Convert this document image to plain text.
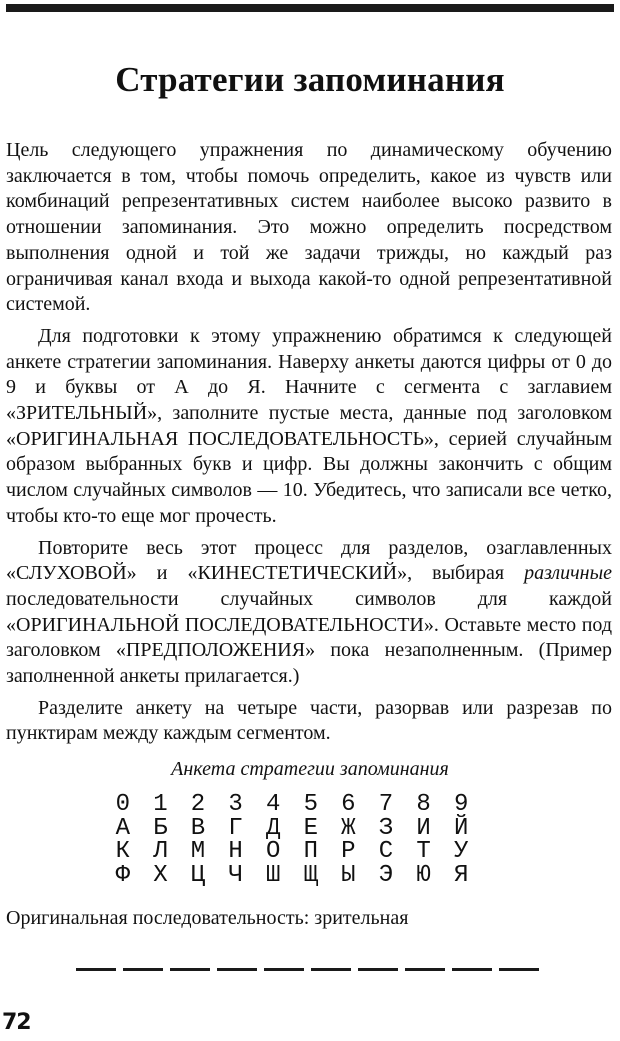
Стратегии запоминания

Цель следующего упражнения по динамическому обучению заключается в том, чтобы помочь определить, какое из чувств или комбинаций репрезентативных систем наиболее высоко развито в отношении запоминания. Это можно определить посредством выполнения одной и той же задачи трижды, но каждый раз ограничивая канал входа и выхода какой-то одной репрезентативной системой.

Для подготовки к этому упражнению обратимся к следующей анкете стратегии запоминания. Наверху анкеты даются цифры от 0 до 9 и буквы от А до Я. Начните с сегмента с заглавием «ЗРИТЕЛЬНЫЙ», заполните пустые места, данные под заголовком «ОРИГИНАЛЬНАЯ ПОСЛЕДОВАТЕЛЬНОСТЬ», серией случайным образом выбранных букв и цифр. Вы должны закончить с общим числом случайных символов — 10. Убедитесь, что записали все четко, чтобы кто-то еще мог прочесть.

Повторите весь этот процесс для разделов, озаглавленных «СЛУХОВОЙ» и «КИНЕСТЕТИЧЕСКИЙ», выбирая различные последовательности случайных символов для каждой «ОРИГИНАЛЬНОЙ ПОСЛЕДОВАТЕЛЬНОСТИ». Оставьте место под заголовком «ПРЕДПОЛОЖЕНИЯ» пока незаполненным. (Пример заполненной анкеты прилагается.)

Разделите анкету на четыре части, разорвав или разрезав по пунктирам между каждым сегментом.

Анкета стратегии запоминания
0 1 2 3 4 5 6 7 8 9
А Б В Г Д Е Ж З И Й
К Л М Н О П Р С Т У
Ф Х Ц Ч Ш Щ Ы Э Ю Я
Оригинальная последовательность: зрительная
72
